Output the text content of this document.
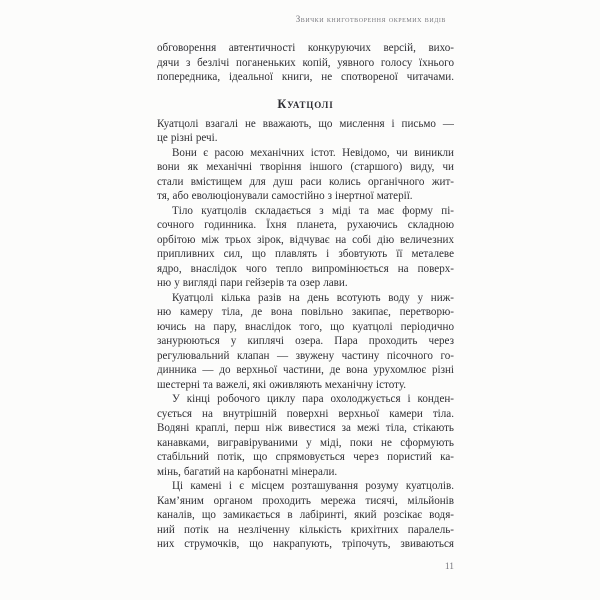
Звички книготворення окремих видів
обговорення автентичності конкуруючих версій, вихо-
дячи з безлічі поганеньких копій, уявного голосу їхнього
попередника, ідеальної книги, не спотвореної читачами.
Куатцолі
Куатцолі взагалі не вважають, що мислення і письмо —
це різні речі.
Вони є расою механічних істот. Невідомо, чи виникли
вони як механічні творіння іншого (старшого) виду, чи
стали вмістищем для душ раси колись органічного жит-
тя, або еволюціонували самостійно з інертної матерії.
Тіло куатцолів складається з міді та має форму пі-
сочного годинника. Їхня планета, рухаючись складною
орбітою між трьох зірок, відчуває на собі дію величезних
припливних сил, що плавлять і збовтують її металеве
ядро, внаслідок чого тепло випромінюється на поверх-
ню у вигляді пари гейзерів та озер лави.
Куатцолі кілька разів на день всотують воду у ниж-
ню камеру тіла, де вона повільно закипає, перетворю-
ючись на пару, внаслідок того, що куатцолі періодично
занурюються у киплячі озера. Пара проходить через
регулювальний клапан — звужену частину пісочного го-
динника — до верхньої частини, де вона урухомлює різні
шестерні та важелі, які оживляють механічну істоту.
У кінці робочого циклу пара охолоджується і конден-
сується на внутрішній поверхні верхньої камери тіла.
Водяні краплі, перш ніж вивестися за межі тіла, стікають
канавками, вигравіруваними у міді, поки не сформують
стабільний потік, що спрямовується через пористий ка-
мінь, багатий на карбонатні мінерали.
Ці камені і є місцем розташування розуму куатцолів.
Кам’яним органом проходить мережа тисячі, мільйонів
каналів, що замикається в лабіринті, який розсікає водя-
ний потік на незліченну кількість крихітних паралель-
них струмочків, що накрапують, тріпочуть, звиваються
11
